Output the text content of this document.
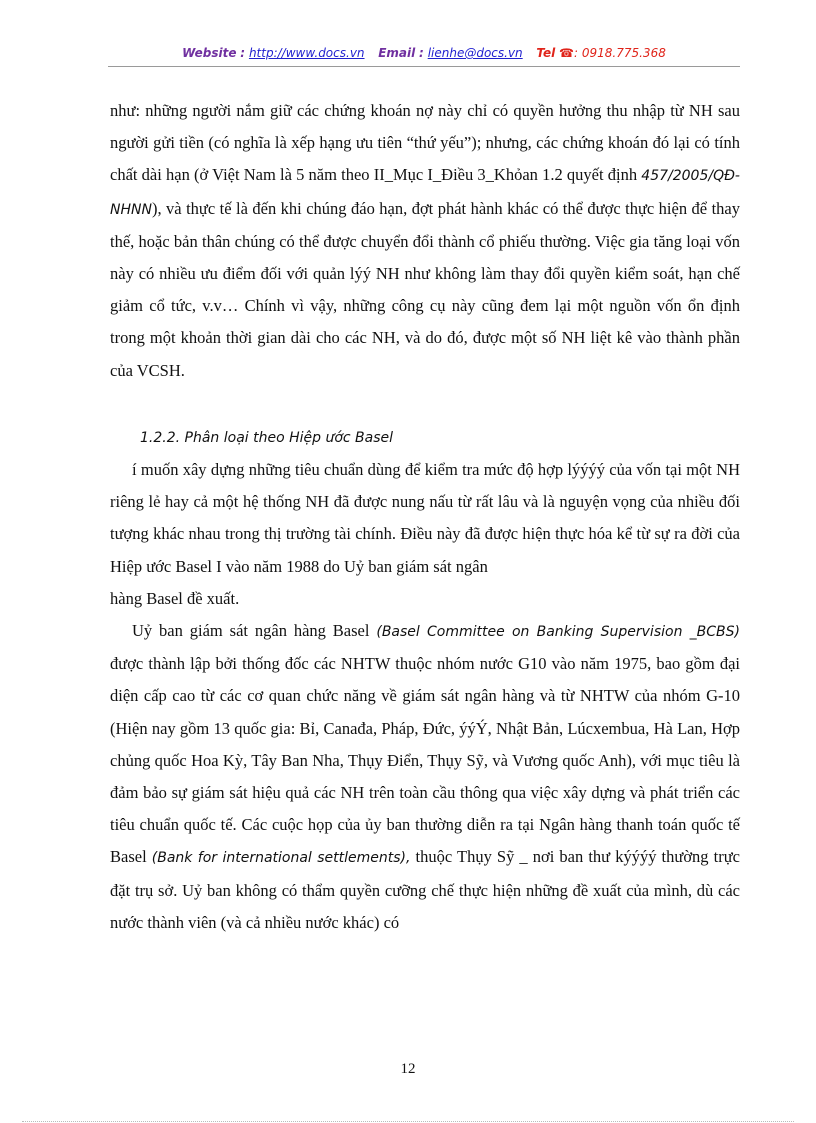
Website : http://www.docs.vn Email : lienhe@docs.vn Tel ☎: 0918.775.368

như: những người nắm giữ các chứng khoán nợ này chỉ có quyền hưởng thu nhập từ NH sau người gửi tiền (có nghĩa là xếp hạng ưu tiên “thứ yếu”); nhưng, các chứng khoán đó lại có tính chất dài hạn (ở Việt Nam là 5 năm theo II_Mục I_Điều 3_Khỏan 1.2 quyết định 457/2005/QĐ-NHNN), và thực tế là đến khi chúng đáo hạn, đợt phát hành khác có thể được thực hiện để thay thế, hoặc bản thân chúng có thể được chuyển đổi thành cổ phiếu thường. Việc gia tăng loại vốn này có nhiều ưu điểm đối với quản lýý NH như không làm thay đổi quyền kiểm soát, hạn chế giảm cổ tức, v.v… Chính vì vậy, những công cụ này cũng đem lại một nguồn vốn ổn định trong một khoản thời gian dài cho các NH, và do đó, được một số NH liệt kê vào thành phần của VCSH.

1.2.2. Phân loại theo Hiệp ước Basel

í muốn xây dựng những tiêu chuẩn dùng để kiểm tra mức độ hợp lýýýý của vốn tại một NH riêng lẻ hay cả một hệ thống NH đã được nung nấu từ rất lâu và là nguyện vọng của nhiều đối tượng khác nhau trong thị trường tài chính. Điều này đã được hiện thực hóa kể từ sự ra đời của Hiệp ước Basel I vào năm 1988 do Uỷ ban giám sát ngân

hàng Basel đề xuất.

Uỷ ban giám sát ngân hàng Basel (Basel Committee on Banking Supervision _BCBS) được thành lập bởi thống đốc các NHTW thuộc nhóm nước G10 vào năm 1975, bao gồm đại diện cấp cao từ các cơ quan chức năng về giám sát ngân hàng và từ NHTW của nhóm G-10 (Hiện nay gồm 13 quốc gia: Bỉ, Canađa, Pháp, Đức, ýýÝ, Nhật Bản, Lúcxembua, Hà Lan, Hợp chủng quốc Hoa Kỳ, Tây Ban Nha, Thụy Điển, Thụy Sỹ, và Vương quốc Anh), với mục tiêu là đảm bảo sự giám sát hiệu quả các NH trên toàn cầu thông qua việc xây dựng và phát triển các tiêu chuẩn quốc tế. Các cuộc họp của ủy ban thường diễn ra tại Ngân hàng thanh toán quốc tế Basel (Bank for international settlements), thuộc Thụy Sỹ _ nơi ban thư kýýýý thường trực đặt trụ sở. Uỷ ban không có thẩm quyền cưỡng chế thực hiện những đề xuất của mình, dù các nước thành viên (và cả nhiều nước khác) có

12
